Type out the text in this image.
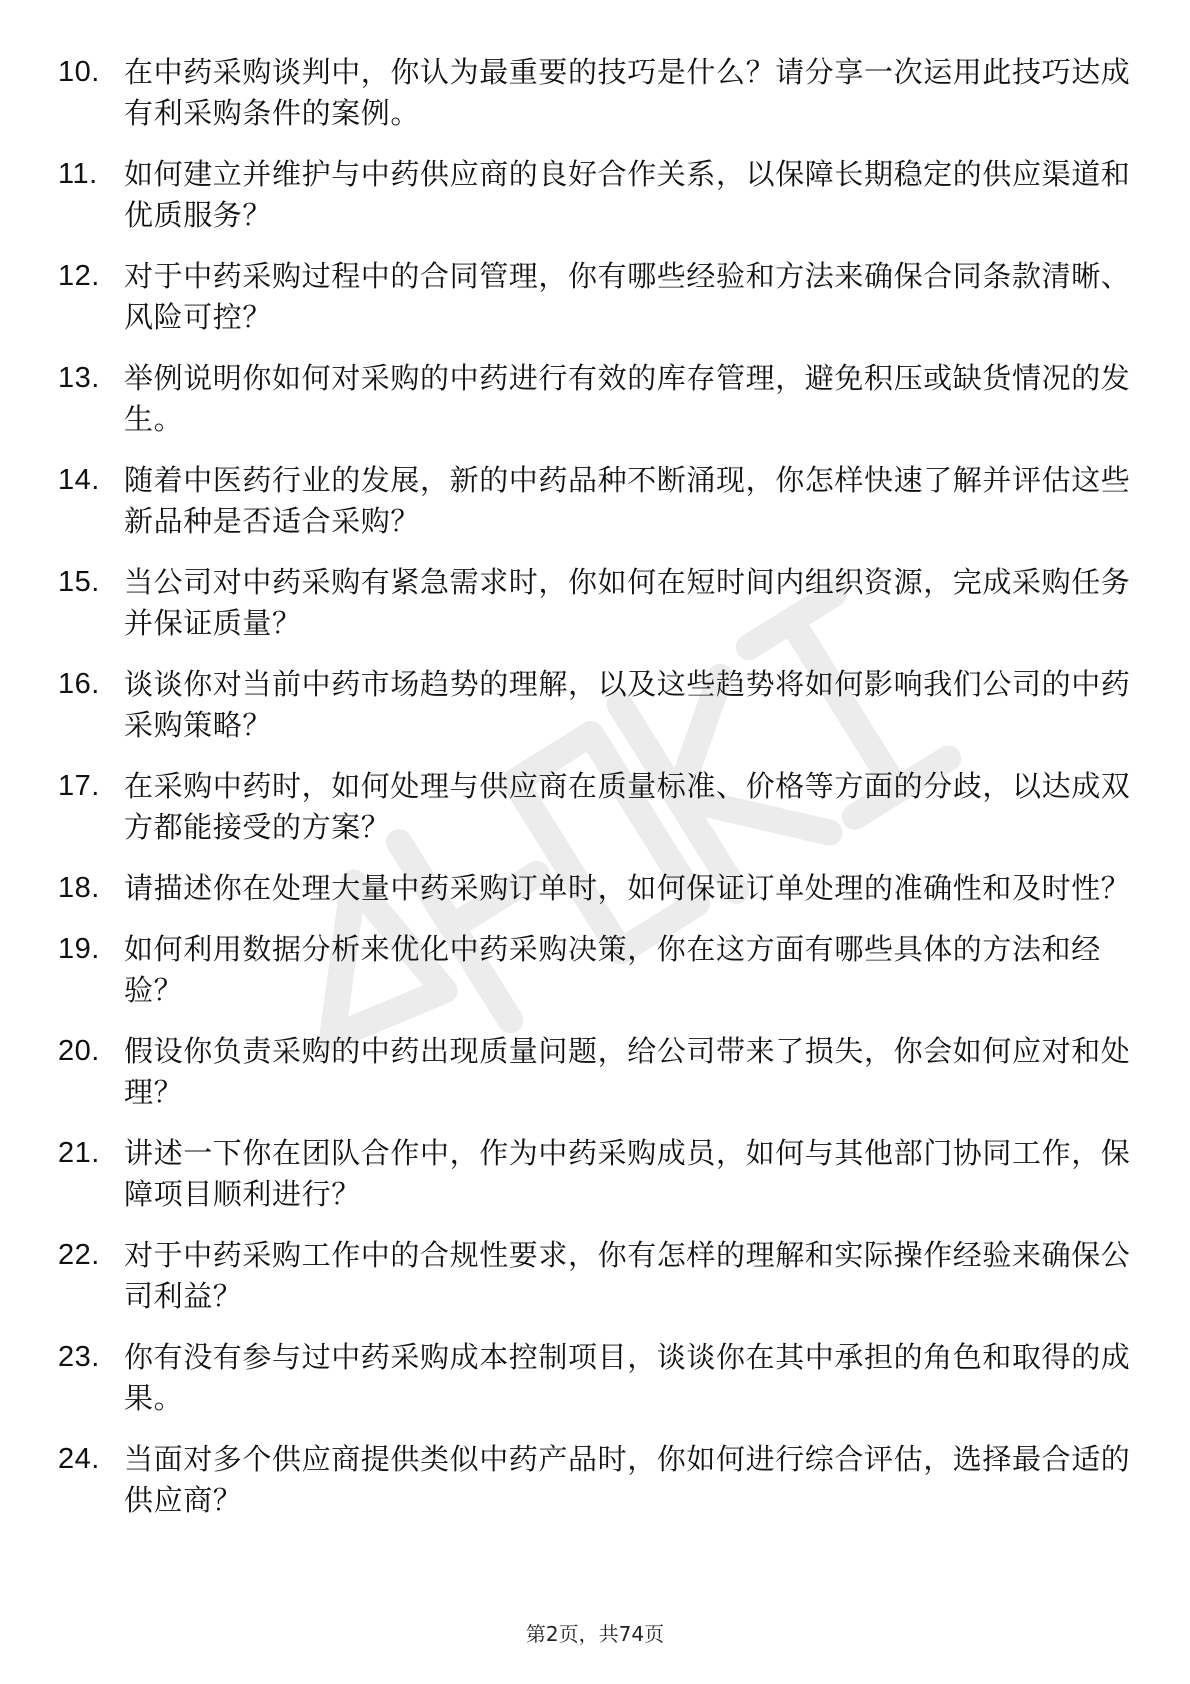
10. 在中药采购谈判中，你认为最重要的技巧是什么？请分享一次运用此技巧达成有利采购条件的案例。
11. 如何建立并维护与中药供应商的良好合作关系，以保障长期稳定的供应渠道和优质服务？
12. 对于中药采购过程中的合同管理，你有哪些经验和方法来确保合同条款清晰、风险可控？
13. 举例说明你如何对采购的中药进行有效的库存管理，避免积压或缺货情况的发生。
14. 随着中医药行业的发展，新的中药品种不断涌现，你怎样快速了解并评估这些新品种是否适合采购？
15. 当公司对中药采购有紧急需求时，你如何在短时间内组织资源，完成采购任务并保证质量？
16. 谈谈你对当前中药市场趋势的理解，以及这些趋势将如何影响我们公司的中药采购策略？
17. 在采购中药时，如何处理与供应商在质量标准、价格等方面的分歧，以达成双方都能接受的方案？
18. 请描述你在处理大量中药采购订单时，如何保证订单处理的准确性和及时性？
19. 如何利用数据分析来优化中药采购决策，你在这方面有哪些具体的方法和经验？
20. 假设你负责采购的中药出现质量问题，给公司带来了损失，你会如何应对和处理？
21. 讲述一下你在团队合作中，作为中药采购成员，如何与其他部门协同工作，保障项目顺利进行？
22. 对于中药采购工作中的合规性要求，你有怎样的理解和实际操作经验来确保公司利益？
23. 你有没有参与过中药采购成本控制项目，谈谈你在其中承担的角色和取得的成果。
24. 当面对多个供应商提供类似中药产品时，你如何进行综合评估，选择最合适的供应商？
第2页，共74页
